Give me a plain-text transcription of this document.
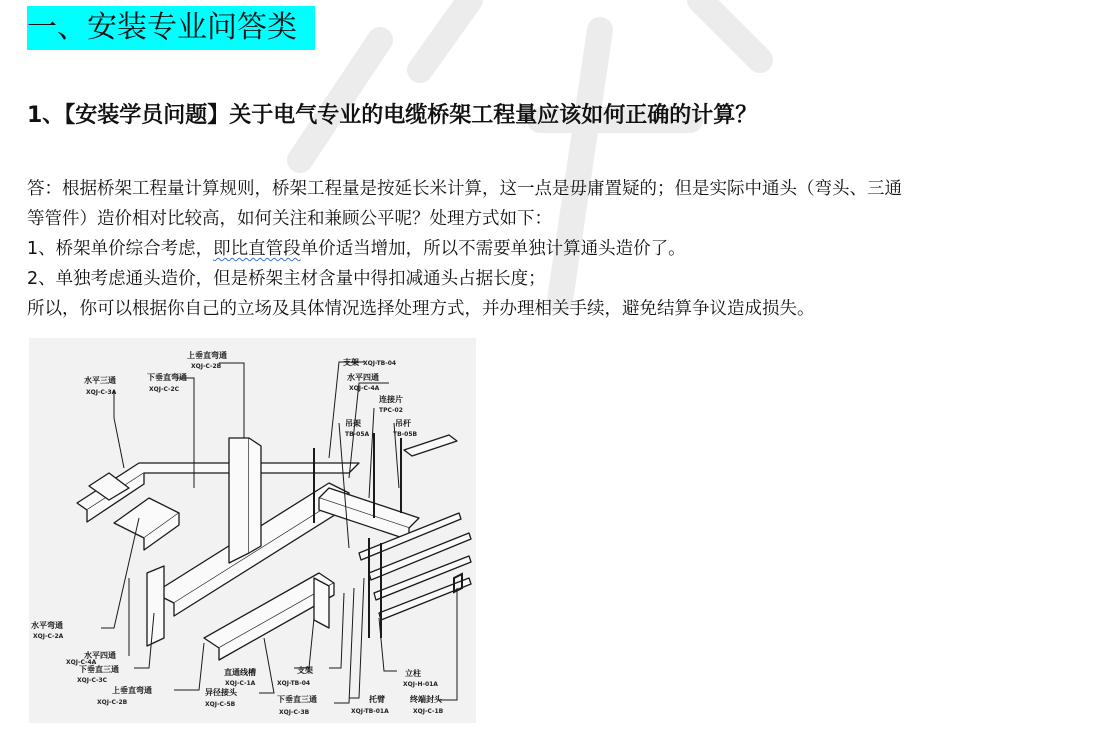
一、安装专业问答类
1、【安装学员问题】关于电气专业的电缆桥架工程量应该如何正确的计算？
答：根据桥架工程量计算规则，桥架工程量是按延长米计算，这一点是毋庸置疑的；但是实际中通头（弯头、三通
等管件）造价相对比较高，如何关注和兼顾公平呢？处理方式如下：
1、桥架单价综合考虑，即比直管段单价适当增加，所以不需要单独计算通头造价了。
2、单独考虑通头造价，但是桥架主材含量中得扣减通头占据长度；
所以，你可以根据你自己的立场及具体情况选择处理方式，并办理相关手续，避免结算争议造成损失。
上垂直弯通
XQJ-C-2B
水平三通
XQJ-C-3A
下垂直弯通
XQJ-C-2C
支架 XQJ-TB-04
水平四通
XQJ-C-4A
连接片
TPC-02
吊架
TB-05A
吊杆
TB-05B
水平弯通
XQJ-C-2A
水平四通
XQJ-C-4A
下垂直三通
XQJ-C-3C
上垂直弯通
XQJ-C-2B
直通线槽
XQJ-C-1A
支架
XQJ-TB-04
异径接头
XQJ-C-5B
下垂直三通
XQJ-C-3B
立柱
XQJ-H-01A
托臂
XQJ-TB-01A
终端封头
XQJ-C-1B
